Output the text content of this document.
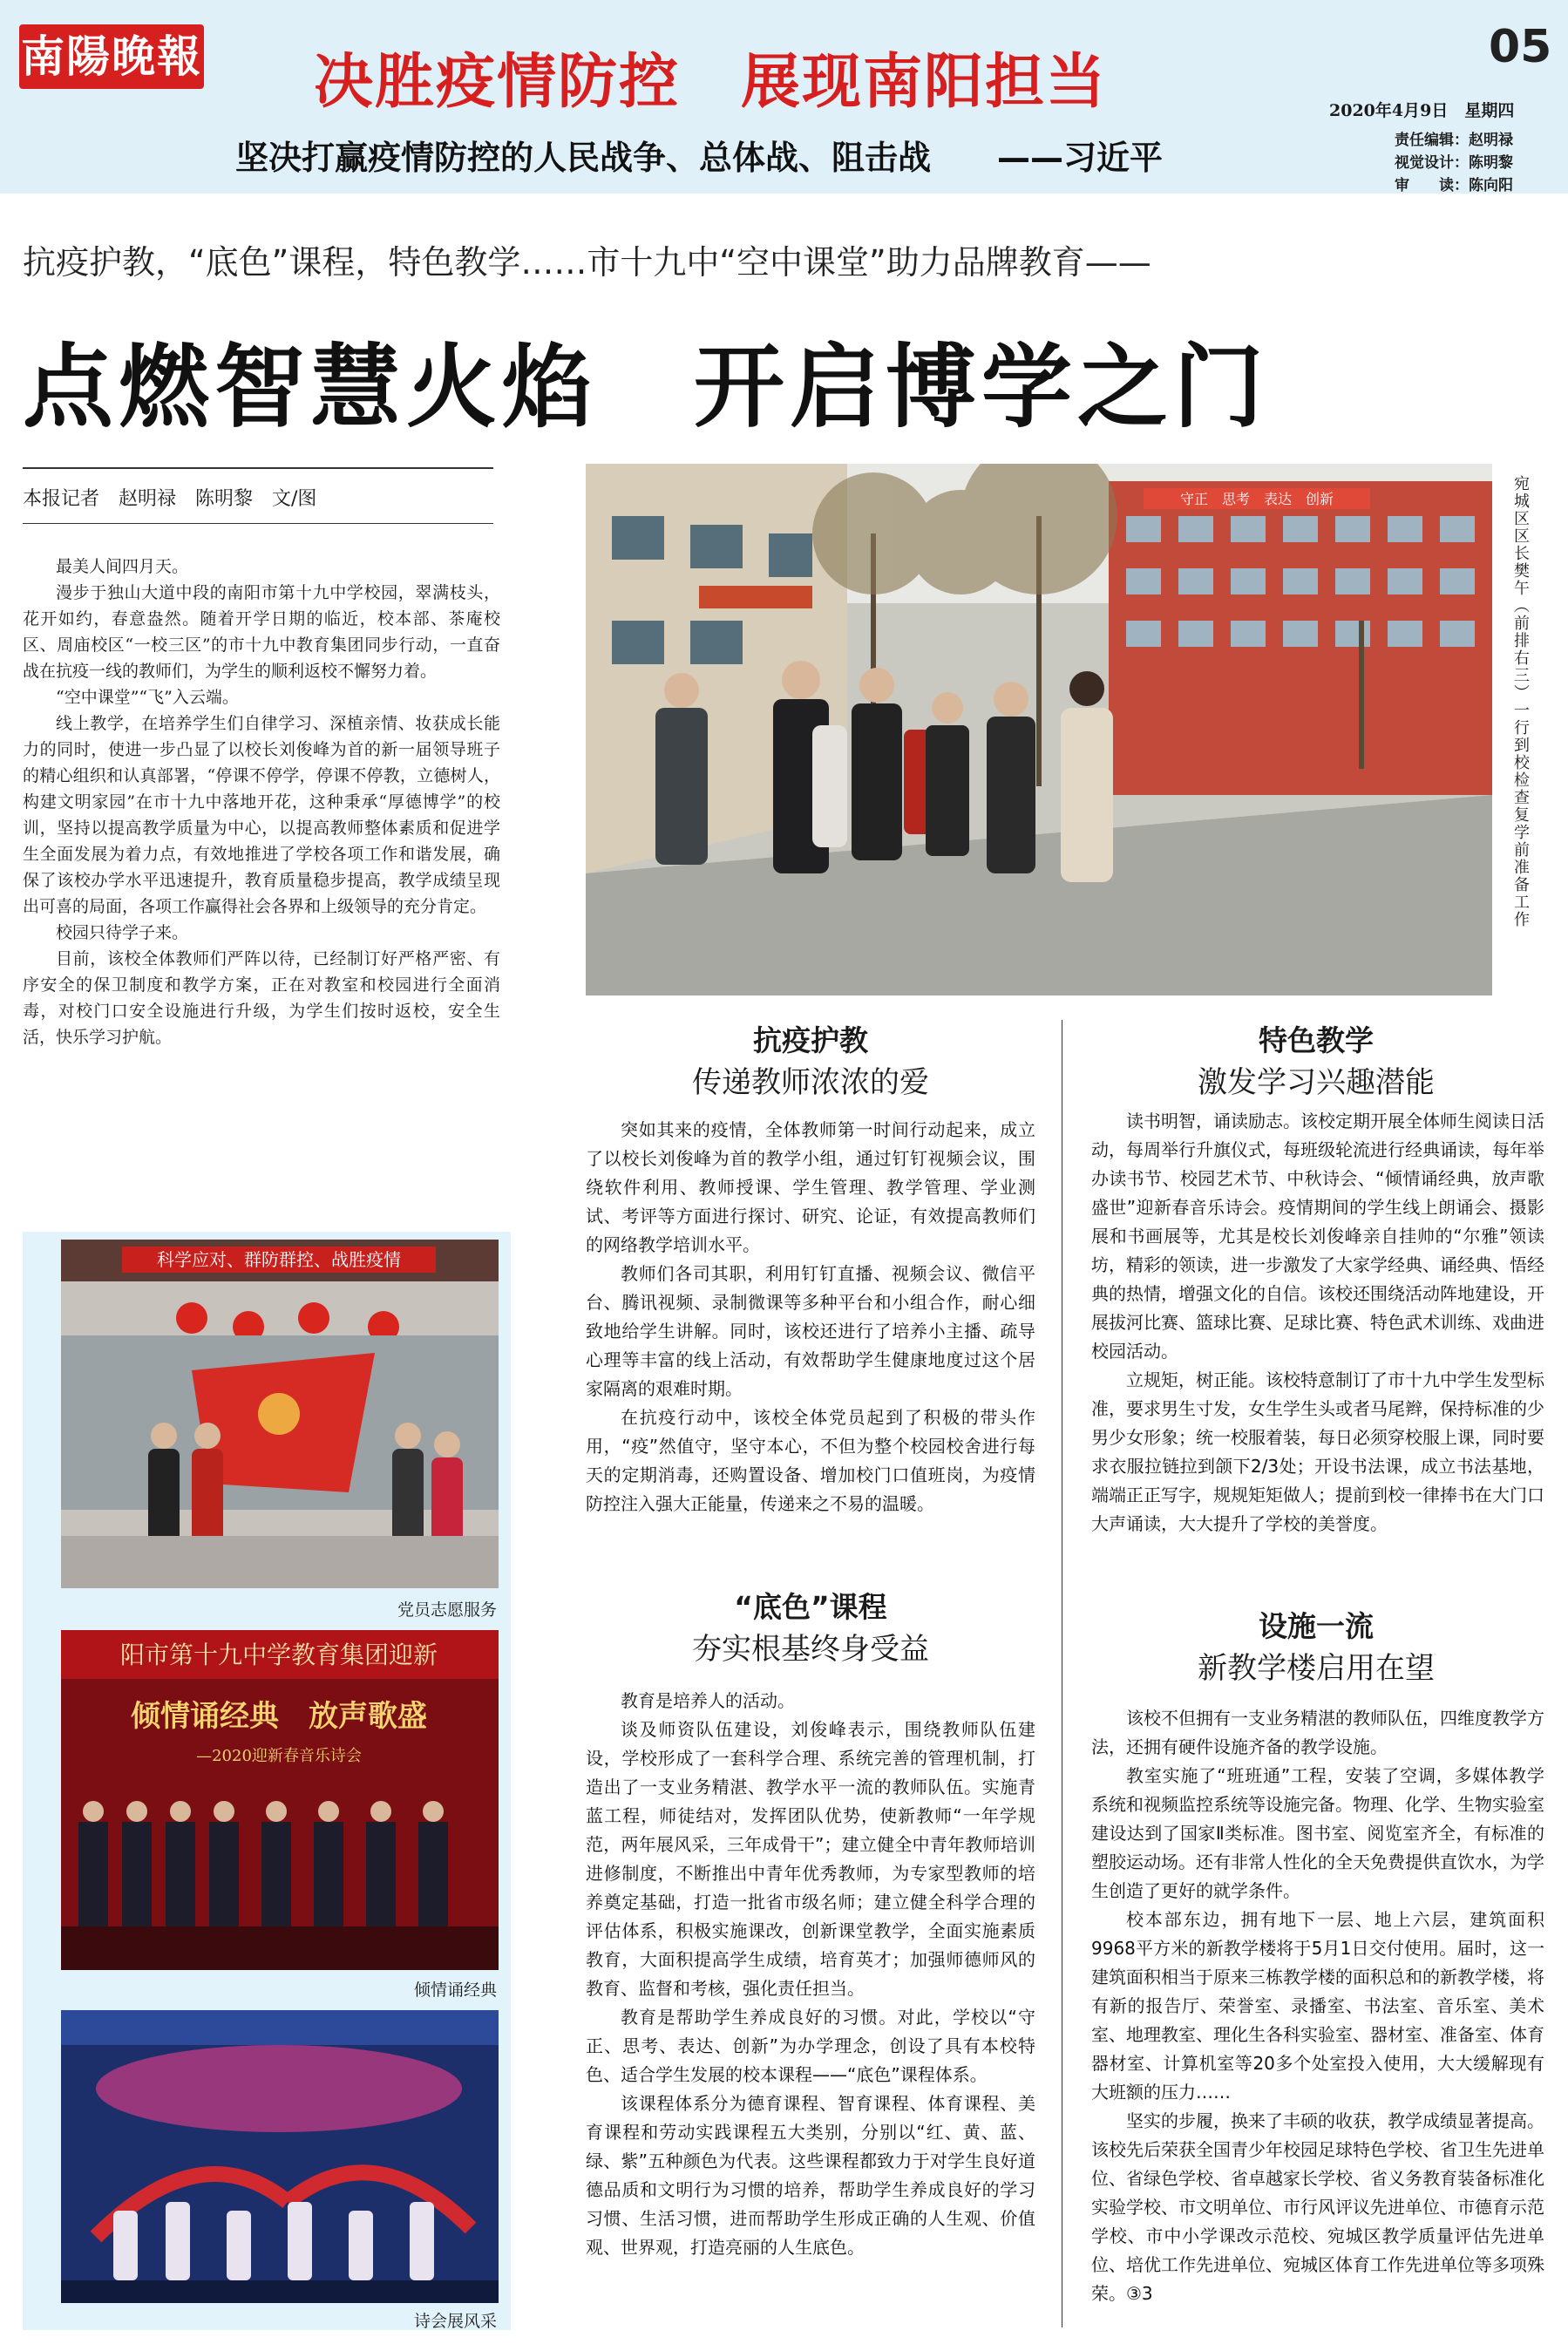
南陽晚報 决胜疫情防控　展现南阳担当	05
坚决打赢疫情防控的人民战争、总体战、阻击战　　——习近平
2020年4月9日　星期四
责任编辑：赵明禄
视觉设计：陈明黎
审　　读：陈向阳
抗疫护教，“底色”课程，特色教学……市十九中“空中课堂”助力品牌教育——
点燃智慧火焰　开启博学之门
本报记者　赵明禄　陈明黎　文/图

最美人间四月天。

漫步于独山大道中段的南阳市第十九中学校园，翠满枝头，花开如约，春意盎然。随着开学日期的临近，校本部、茶庵校区、周庙校区“一校三区”的市十九中教育集团同步行动，一直奋战在抗疫一线的教师们，为学生的顺利返校不懈努力着。

“空中课堂”“飞”入云端。

线上教学，在培养学生们自律学习、深植亲情、妆获成长能力的同时，使进一步凸显了以校长刘俊峰为首的新一届领导班子的精心组织和认真部署，“停课不停学，停课不停教，立德树人，构建文明家园”在市十九中落地开花，这种秉承“厚德博学”的校训，坚持以提高教学质量为中心，以提高教师整体素质和促进学生全面发展为着力点，有效地推进了学校各项工作和谐发展，确保了该校办学水平迅速提升，教育质量稳步提高，教学成绩呈现出可喜的局面，各项工作赢得社会各界和上级领导的充分肯定。

校园只待学子来。

目前，该校全体教师们严阵以待，已经制订好严格严密、有序安全的保卫制度和教学方案，正在对教室和校园进行全面消毒，对校门口安全设施进行升级，为学生们按时返校，安全生活，快乐学习护航。

守正　思考　表达　创新	宛城区区长樊午（前排右三）一行到校检查复学前准备工作
科学应对、群防群控、战胜疫情
党员志愿服务
阳市第十九中学教育集团迎新
倾情诵经典　放声歌盛
—2020迎新春音乐诗会
倾情诵经典
诗会展风采
抗疫护教
传递教师浓浓的爱

突如其来的疫情，全体教师第一时间行动起来，成立了以校长刘俊峰为首的教学小组，通过钉钉视频会议，围绕软件利用、教师授课、学生管理、教学管理、学业测试、考评等方面进行探讨、研究、论证，有效提高教师们的网络教学培训水平。

教师们各司其职，利用钉钉直播、视频会议、微信平台、腾讯视频、录制微课等多种平台和小组合作，耐心细致地给学生讲解。同时，该校还进行了培养小主播、疏导心理等丰富的线上活动，有效帮助学生健康地度过这个居家隔离的艰难时期。

在抗疫行动中，该校全体党员起到了积极的带头作用，“疫”然值守，坚守本心，不但为整个校园校舍进行每天的定期消毒，还购置设备、增加校门口值班岗，为疫情防控注入强大正能量，传递来之不易的温暖。

“底色”课程
夯实根基终身受益

教育是培养人的活动。

谈及师资队伍建设，刘俊峰表示，围绕教师队伍建设，学校形成了一套科学合理、系统完善的管理机制，打造出了一支业务精湛、教学水平一流的教师队伍。实施青蓝工程，师徒结对，发挥团队优势，使新教师“一年学规范，两年展风采，三年成骨干”；建立健全中青年教师培训进修制度，不断推出中青年优秀教师，为专家型教师的培养奠定基础，打造一批省市级名师；建立健全科学合理的评估体系，积极实施课改，创新课堂教学，全面实施素质教育，大面积提高学生成绩，培育英才；加强师德师风的教育、监督和考核，强化责任担当。

教育是帮助学生养成良好的习惯。对此，学校以“守正、思考、表达、创新”为办学理念，创设了具有本校特色、适合学生发展的校本课程——“底色”课程体系。

该课程体系分为德育课程、智育课程、体育课程、美育课程和劳动实践课程五大类别，分别以“红、黄、蓝、绿、紫”五种颜色为代表。这些课程都致力于对学生良好道德品质和文明行为习惯的培养，帮助学生养成良好的学习习惯、生活习惯，进而帮助学生形成正确的人生观、价值观、世界观，打造亮丽的人生底色。

特色教学
激发学习兴趣潜能

读书明智，诵读励志。该校定期开展全体师生阅读日活动，每周举行升旗仪式，每班级轮流进行经典诵读，每年举办读书节、校园艺术节、中秋诗会、“倾情诵经典，放声歌盛世”迎新春音乐诗会。疫情期间的学生线上朗诵会、摄影展和书画展等，尤其是校长刘俊峰亲自挂帅的“尔雅”领读坊，精彩的领读，进一步激发了大家学经典、诵经典、悟经典的热情，增强文化的自信。该校还围绕活动阵地建设，开展拔河比赛、篮球比赛、足球比赛、特色武术训练、戏曲进校园活动。

立规矩，树正能。该校特意制订了市十九中学生发型标准，要求男生寸发，女生学生头或者马尾辫，保持标准的少男少女形象；统一校服着装，每日必须穿校服上课，同时要求衣服拉链拉到颌下2/3处；开设书法课，成立书法基地，端端正正写字，规规矩矩做人；提前到校一律捧书在大门口大声诵读，大大提升了学校的美誉度。

设施一流
新教学楼启用在望

该校不但拥有一支业务精湛的教师队伍，四维度教学方法，还拥有硬件设施齐备的教学设施。

教室实施了“班班通”工程，安装了空调，多媒体教学系统和视频监控系统等设施完备。物理、化学、生物实验室建设达到了国家Ⅱ类标准。图书室、阅览室齐全，有标准的塑胶运动场。还有非常人性化的全天免费提供直饮水，为学生创造了更好的就学条件。

校本部东边，拥有地下一层、地上六层，建筑面积9968平方米的新教学楼将于5月1日交付使用。届时，这一建筑面积相当于原来三栋教学楼的面积总和的新教学楼，将有新的报告厅、荣誉室、录播室、书法室、音乐室、美术室、地理教室、理化生各科实验室、器材室、准备室、体育器材室、计算机室等20多个处室投入使用，大大缓解现有大班额的压力……

坚实的步履，换来了丰硕的收获，教学成绩显著提高。该校先后荣获全国青少年校园足球特色学校、省卫生先进单位、省绿色学校、省卓越家长学校、省义务教育装备标准化实验学校、市文明单位、市行风评议先进单位、市德育示范学校、市中小学课改示范校、宛城区教学质量评估先进单位、培优工作先进单位、宛城区体育工作先进单位等多项殊荣。③3
